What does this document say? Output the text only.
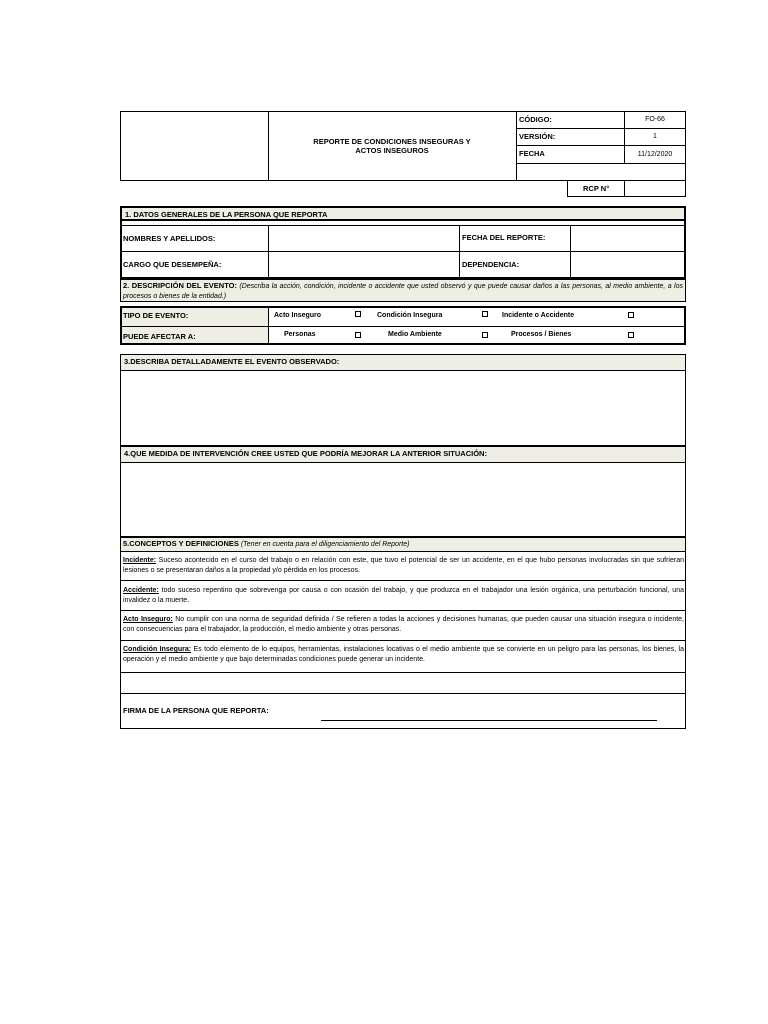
REPORTE DE CONDICIONES INSEGURAS Y
ACTOS INSEGUROS
CÓDIGO:	FO-66
VERSIÓN:	1
FECHA	11/12/2020
RCP N°
1. DATOS GENERALES DE LA PERSONA QUE REPORTA
NOMBRES Y APELLIDOS:	FECHA DEL REPORTE:
CARGO QUE DESEMPEÑA:	DEPENDENCIA:
2. DESCRIPCIÓN DEL EVENTO: (Describa la acción, condición, incidente o accidente que usted observó y que puede causar daños a las personas, al medio ambiente, a los procesos o bienes de la entidad.)
TIPO DE EVENTO:	Acto Inseguro	Condición Insegura	Incidente o Accidente
PUEDE AFECTAR A:	Personas	Medio Ambiente	Procesos / Bienes
3.DESCRIBA DETALLADAMENTE EL EVENTO OBSERVADO:
4.QUE MEDIDA DE INTERVENCIÓN CREE USTED QUE PODRÍA MEJORAR LA ANTERIOR SITUACIÓN:
5.CONCEPTOS Y DEFINICIONES (Tener en cuenta para el diligenciamiento del Reporte)
Incidente: Suceso acontecido en el curso del trabajo o en relación con este, que tuvo el potencial de ser un accidente, en el que hubo personas involucradas sin que sufrieran lesiones o se presentaran daños a la propiedad y/o pérdida en los procesos.
Accidente: todo suceso repentino que sobrevenga por causa o con ocasión del trabajo, y que produzca en el trabajador una lesión orgánica, una perturbación funcional, una invalidez o la muerte.
Acto Inseguro: No cumplir con una norma de seguridad definida / Se refieren a todas la acciones y decisiones humanas, que pueden causar una situación insegura o incidente, con consecuencias para el trabajador, la producción, el medio ambiente y otras personas.
Condición Insegura: Es todo elemento de lo equipos, herramientas, instalaciones locativas o el medio ambiente que se convierte en un peligro para las personas, los bienes, la operación y el medio ambiente y que bajo determinadas condiciones puede generar un incidente.
FIRMA DE LA PERSONA QUE REPORTA:
